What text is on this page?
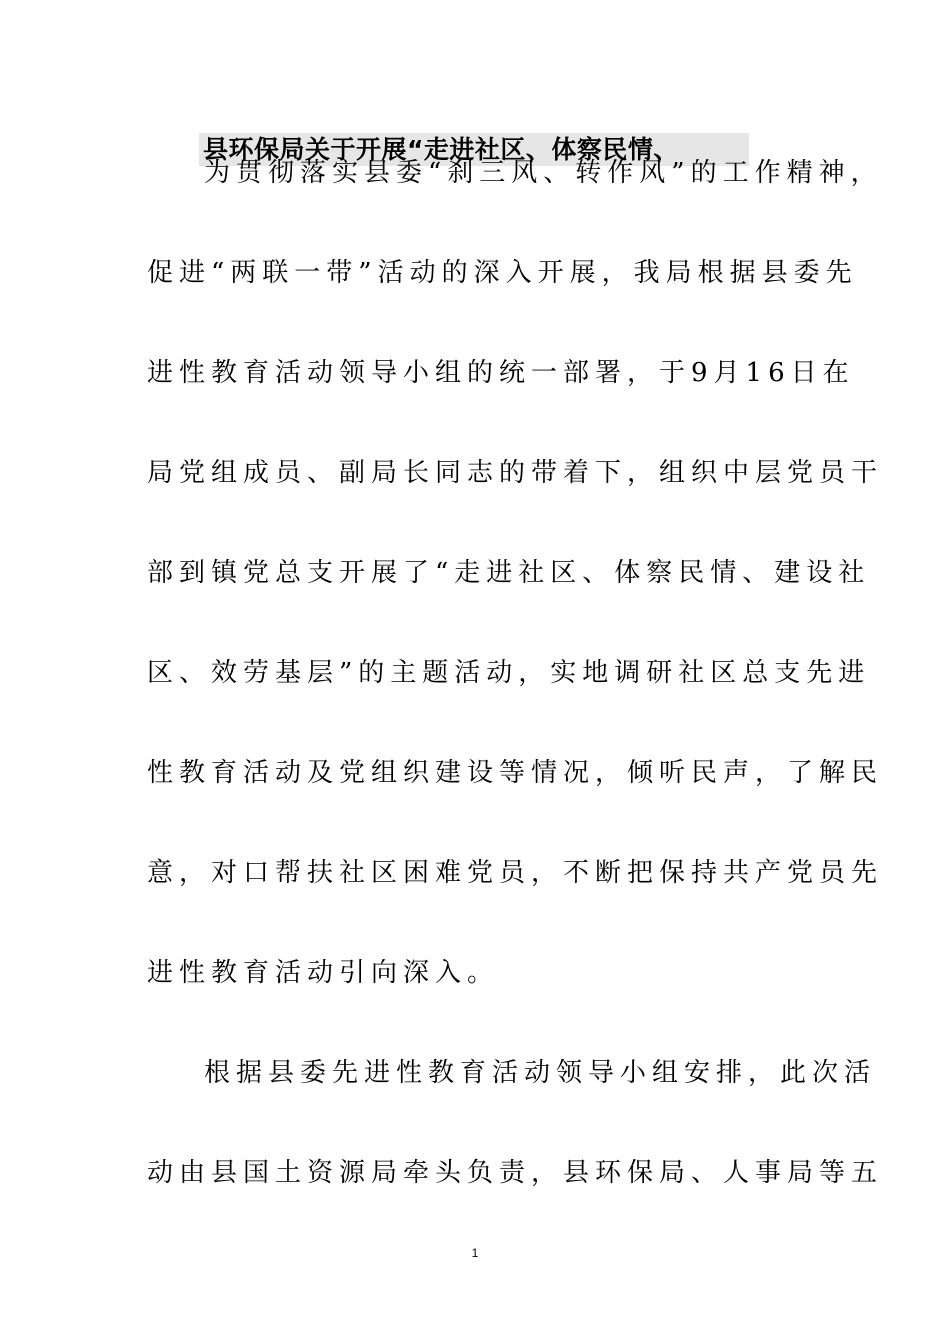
县环保局关于开展“走进社区、体察民情、
为贯彻落实县委“刹三风、转作风”的工作精神，
促进“两联一带”活动的深入开展，我局根据县委先
进性教育活动领导小组的统一部署，于9月16日在
局党组成员、副局长同志的带着下，组织中层党员干
部到镇党总支开展了“走进社区、体察民情、建设社
区、效劳基层”的主题活动，实地调研社区总支先进
性教育活动及党组织建设等情况，倾听民声，了解民
意，对口帮扶社区困难党员，不断把保持共产党员先
进性教育活动引向深入。
根据县委先进性教育活动领导小组安排，此次活
动由县国土资源局牵头负责，县环保局、人事局等五
1
